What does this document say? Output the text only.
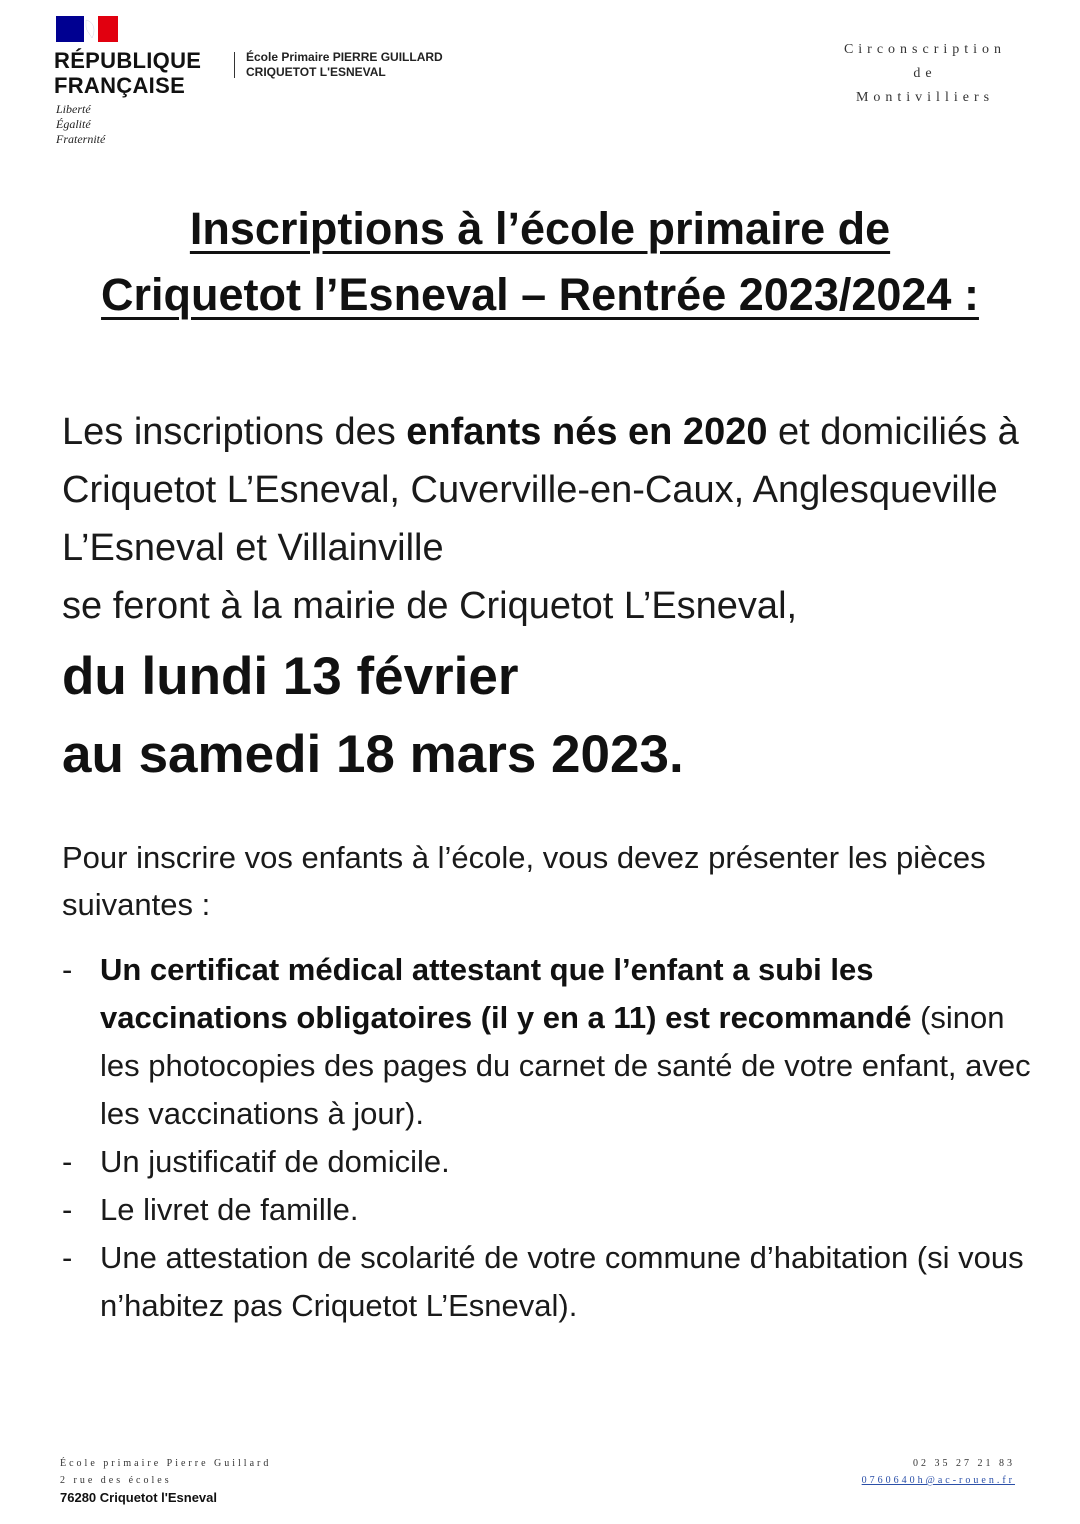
RÉPUBLIQUE
FRANÇAISE
Liberté
Égalité
Fraternité
École Primaire PIERRE GUILLARD
CRIQUETOT L'ESNEVAL
Circonscription
de
Montivilliers
Inscriptions à l’école primaire de
Criquetot l’Esneval – Rentrée 2023/2024 :
Les inscriptions des enfants nés en 2020 et domiciliés à Criquetot L’Esneval, Cuverville-en-Caux, Anglesqueville L’Esneval et Villainville
se feront à la mairie de Criquetot L’Esneval,
du lundi 13 février
au samedi 18 mars 2023.
Pour inscrire vos enfants à l’école, vous devez présenter les pièces suivantes :
- Un certificat médical attestant que l’enfant a subi les vaccinations obligatoires (il y en a 11) est recommandé (sinon les photocopies des pages du carnet de santé de votre enfant, avec les vaccinations à jour).
- Un justificatif de domicile.
- Le livret de famille.
- Une attestation de scolarité de votre commune d’habitation (si vous n’habitez pas Criquetot L’Esneval).
École primaire Pierre Guillard
2 rue des écoles
76280 Criquetot l'Esneval
02 35 27 21 83
0760640h@ac-rouen.fr
